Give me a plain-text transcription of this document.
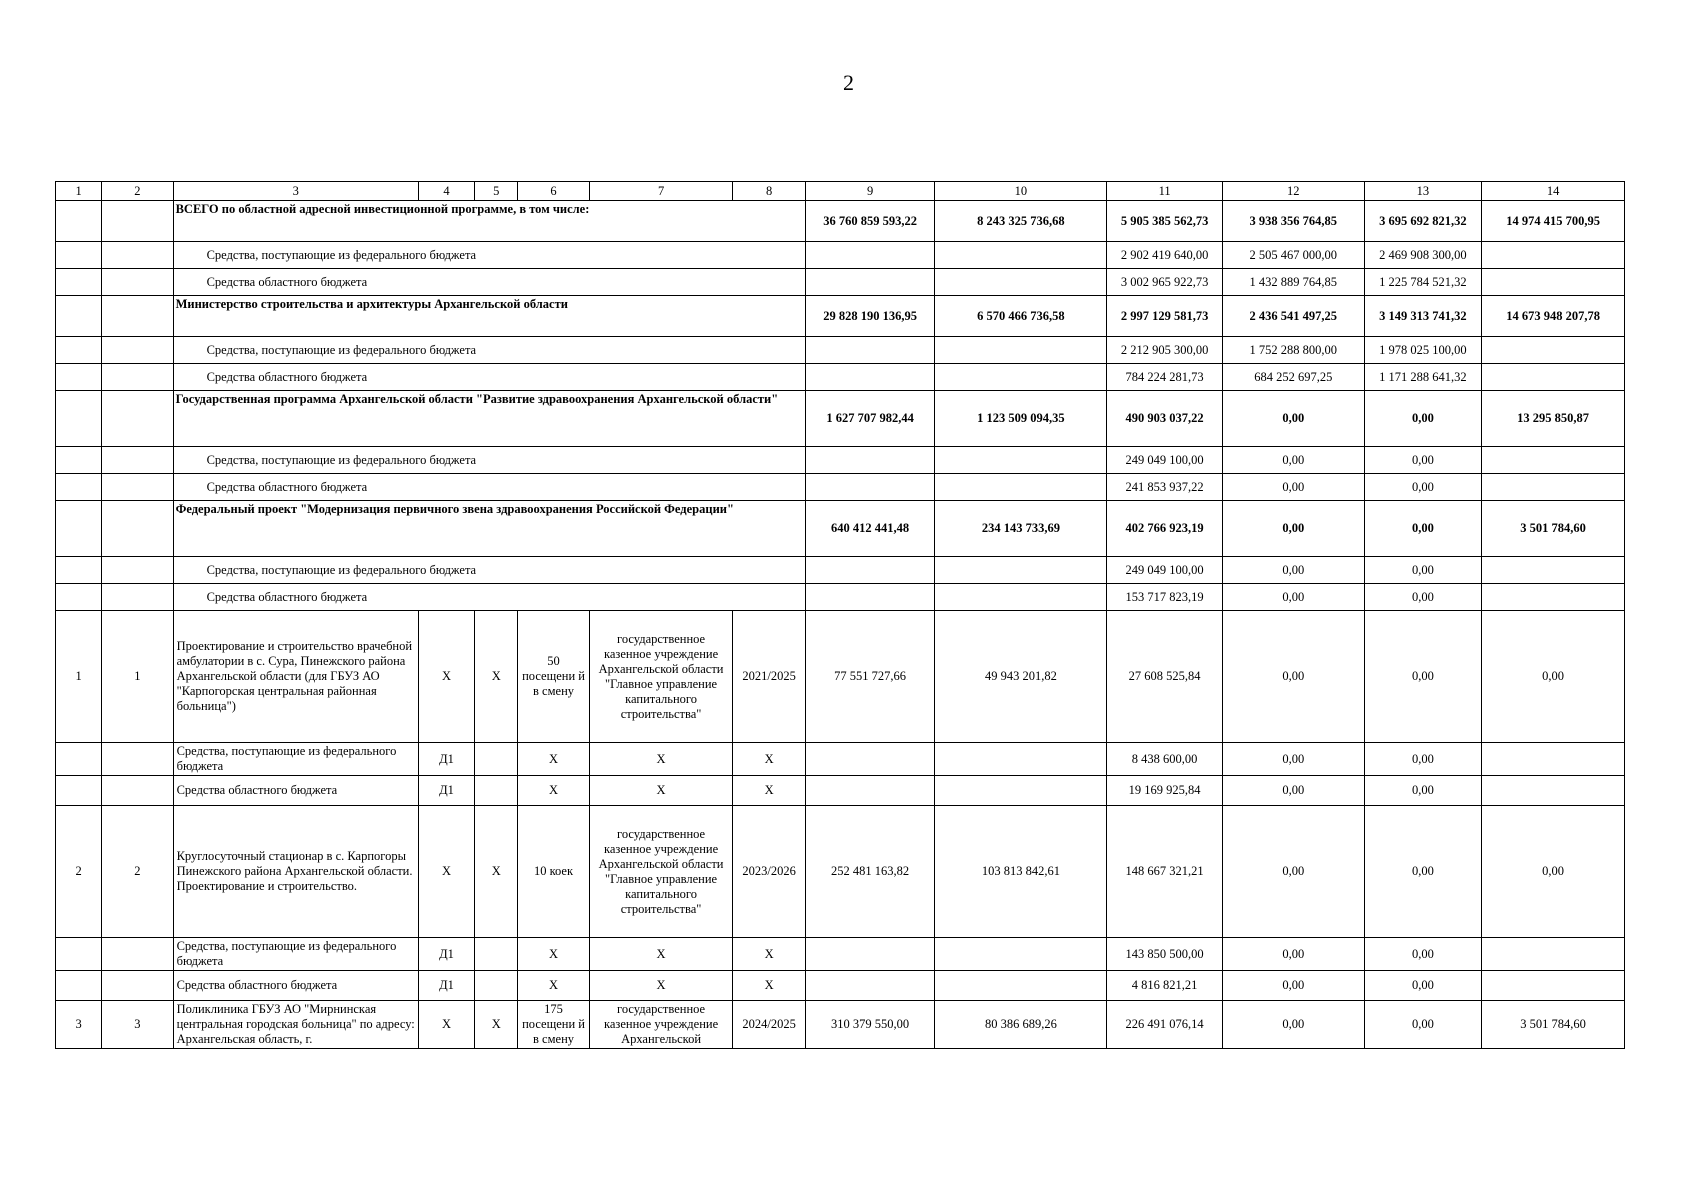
2
1	2	3	4	5	6	7	8	9	10	11	12	13	14
		ВСЕГО по областной адресной инвестиционной программе, в том числе:						36 760 859 593,22	8 243 325 736,68	5 905 385 562,73	3 938 356 764,85	3 695 692 821,32	14 974 415 700,95
		Средства, поступающие из федерального бюджета								2 902 419 640,00	2 505 467 000,00	2 469 908 300,00	
		Средства областного бюджета								3 002 965 922,73	1 432 889 764,85	1 225 784 521,32	
		Министерство строительства и архитектуры Архангельской области						29 828 190 136,95	6 570 466 736,58	2 997 129 581,73	2 436 541 497,25	3 149 313 741,32	14 673 948 207,78
		Средства, поступающие из федерального бюджета								2 212 905 300,00	1 752 288 800,00	1 978 025 100,00	
		Средства областного бюджета								784 224 281,73	684 252 697,25	1 171 288 641,32	
		Государственная программа Архангельской области "Развитие здравоохранения Архангельской области"						1 627 707 982,44	1 123 509 094,35	490 903 037,22	0,00	0,00	13 295 850,87
		Средства, поступающие из федерального бюджета								249 049 100,00	0,00	0,00	
		Средства областного бюджета								241 853 937,22	0,00	0,00	
		Федеральный проект "Модернизация первичного звена здравоохранения Российской Федерации"						640 412 441,48	234 143 733,69	402 766 923,19	0,00	0,00	3 501 784,60
		Средства, поступающие из федерального бюджета								249 049 100,00	0,00	0,00	
		Средства областного бюджета								153 717 823,19	0,00	0,00	
1	1	Проектирование и строительство врачебной амбулатории в с. Сура, Пинежского района Архангельской области (для ГБУЗ АО "Карпогорская центральная районная больница")	Х	Х	50 посещени й в смену	государственное казенное учреждение Архангельской области "Главное управление капитального строительства"	2021/2025	77 551 727,66	49 943 201,82	27 608 525,84	0,00	0,00	0,00
		Средства, поступающие из федерального бюджета	Д1		Х	Х	Х			8 438 600,00	0,00	0,00	
		Средства областного бюджета	Д1		Х	Х	Х			19 169 925,84	0,00	0,00	
2	2	Круглосуточный стационар в с. Карпогоры Пинежского района Архангельской области. Проектирование и строительство.	Х	Х	10 коек	государственное казенное учреждение Архангельской области "Главное управление капитального строительства"	2023/2026	252 481 163,82	103 813 842,61	148 667 321,21	0,00	0,00	0,00
		Средства, поступающие из федерального бюджета	Д1		Х	Х	Х			143 850 500,00	0,00	0,00	
		Средства областного бюджета	Д1		Х	Х	Х			4 816 821,21	0,00	0,00	
3	3	Поликлиника ГБУЗ АО "Мирнинская центральная городская больница" по адресу: Архангельская область, г.	Х	Х	175 посещени й в смену	государственное казенное учреждение Архангельской	2024/2025	310 379 550,00	80 386 689,26	226 491 076,14	0,00	0,00	3 501 784,60
